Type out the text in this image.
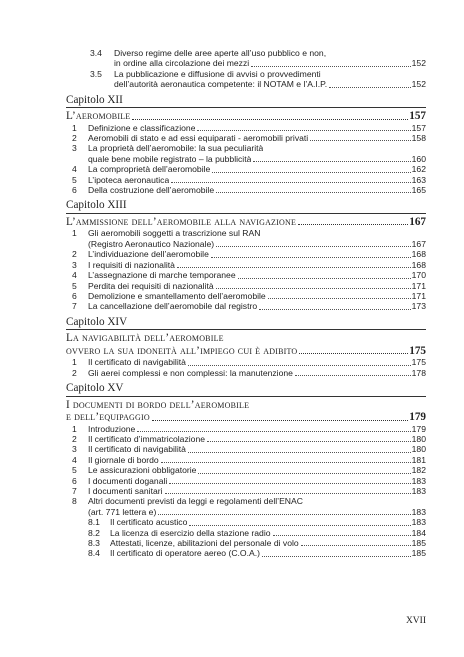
3.4	Diverso regime delle aree aperte all’uso pubblico e non,
in ordine alla circolazione dei mezzi	152
3.5	La pubblicazione e diffusione di avvisi o provvedimenti
dell’autorità aeronautica competente: il NOTAM e l’A.I.P.	152
Capitolo XII
L’aeromobile	157
1	Definizione e classificazione	157
2	Aeromobili di stato e ad essi equiparati - aeromobili privati	158
3	La proprietà dell’aeromobile: la sua peculiarità
quale bene mobile registrato – la pubblicità	160
4	La comproprietà dell’aeromobile	162
5	L’ipoteca aeronautica	163
6	Della costruzione dell’aeromobile	165
Capitolo XIII
L’ammissione dell’aeromobile alla navigazione	167
1	Gli aeromobili soggetti a trascrizione sul RAN
(Registro Aeronautico Nazionale)	167
2	L’individuazione dell’aeromobile	168
3	I requisiti di nazionalità	168
4	L’assegnazione di marche temporanee	170
5	Perdita dei requisiti di nazionalità	171
6	Demolizione e smantellamento dell’aeromobile	171
7	La cancellazione dell’aeromobile dal registro	173
Capitolo XIV
La navigabilità dell’aeromobile
ovvero la sua idoneità all’impiego cui è adibito	175
1	Il certificato di navigabilità	175
2	Gli aerei complessi e non complessi: la manutenzione	178
Capitolo XV
I documenti di bordo dell’aeromobile
e dell’equipaggio	179
1	Introduzione	179
2	Il certificato d’immatricolazione	180
3	Il certificato di navigabilità	180
4	Il giornale di bordo	181
5	Le assicurazioni obbligatorie	182
6	I documenti doganali	183
7	I documenti sanitari	183
8	Altri documenti previsti da leggi e regolamenti dell’ENAC
(art. 771 lettera e)	183
8.1	Il certificato acustico	183
8.2	La licenza di esercizio della stazione radio	184
8.3	Attestati, licenze, abilitazioni del personale di volo	185
8.4	Il certificato di operatore aereo (C.O.A.)	185
XVII
